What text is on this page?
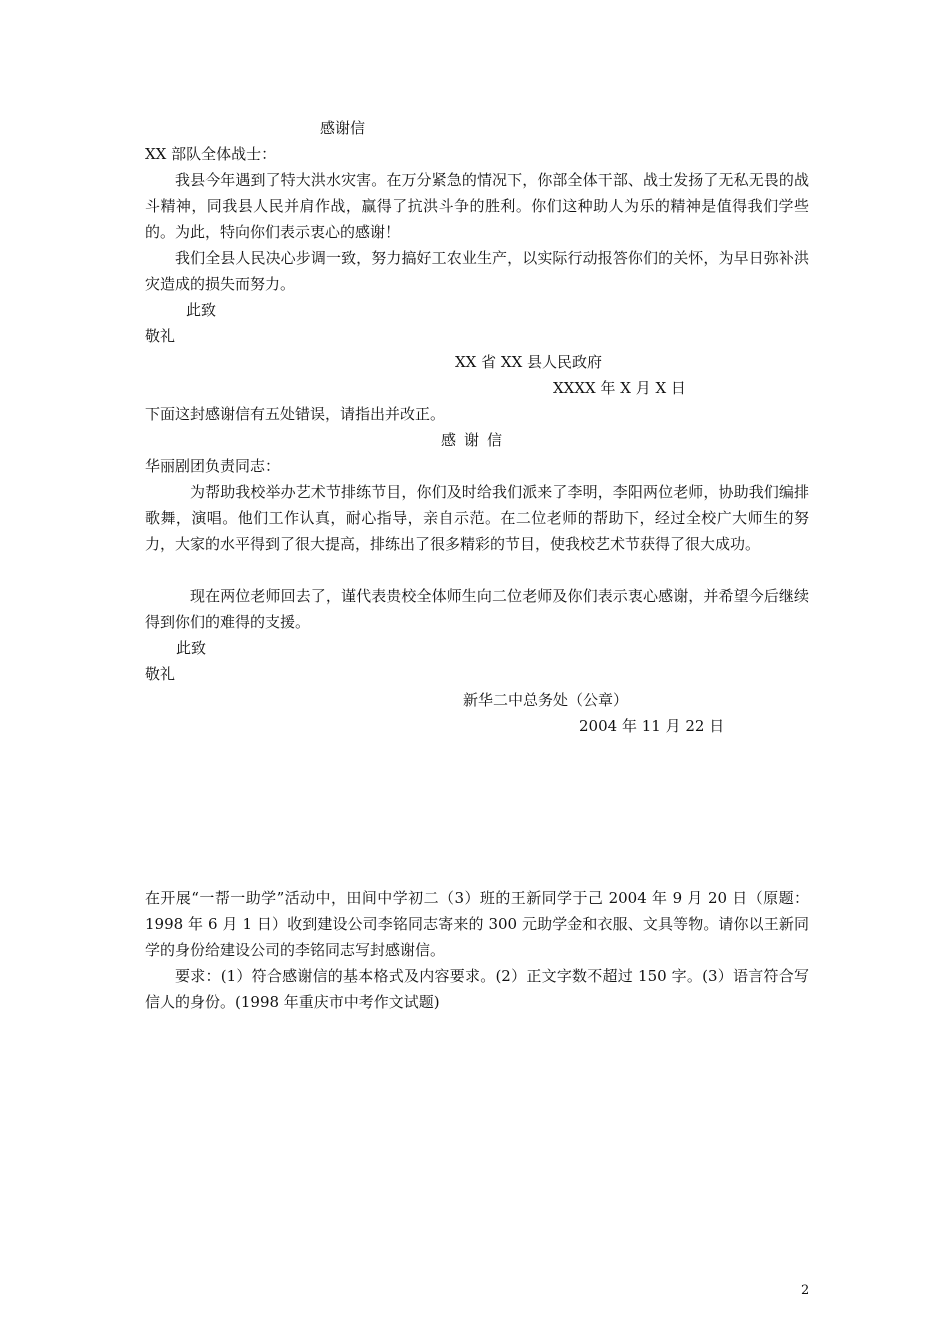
感谢信
XX 部队全体战士：
我县今年遇到了特大洪水灾害。在万分紧急的情况下，你部全体干部、战士发扬了无私无畏的战斗精神，同我县人民并肩作战，赢得了抗洪斗争的胜利。你们这种助人为乐的精神是值得我们学些的。为此，特向你们表示衷心的感谢！
我们全县人民决心步调一致，努力搞好工农业生产，以实际行动报答你们的关怀，为早日弥补洪灾造成的损失而努力。
此致
敬礼
XX 省 XX 县人民政府
XXXX 年 X 月 X 日
下面这封感谢信有五处错误，请指出并改正。
感谢信
华丽剧团负责同志：
为帮助我校举办艺术节排练节目，你们及时给我们派来了李明，李阳两位老师，协助我们编排歌舞，演唱。他们工作认真，耐心指导，亲自示范。在二位老师的帮助下，经过全校广大师生的努力，大家的水平得到了很大提高，排练出了很多精彩的节目，使我校艺术节获得了很大成功。
现在两位老师回去了，谨代表贵校全体师生向二位老师及你们表示衷心感谢，并希望今后继续得到你们的难得的支援。
此致
敬礼
新华二中总务处（公章）
2004 年 11 月 22 日
在开展“一帮一助学”活动中，田间中学初二（3）班的王新同学于己 2004 年 9 月 20 日（原题： 1998 年 6 月 1 日）收到建设公司李铭同志寄来的 300 元助学金和衣服、文具等物。请你以王新同学的身份给建设公司的李铭同志写封感谢信。
要求：(1）符合感谢信的基本格式及内容要求。(2）正文字数不超过 150 字。(3）语言符合写信人的身份。(1998 年重庆市中考作文试题)
2
